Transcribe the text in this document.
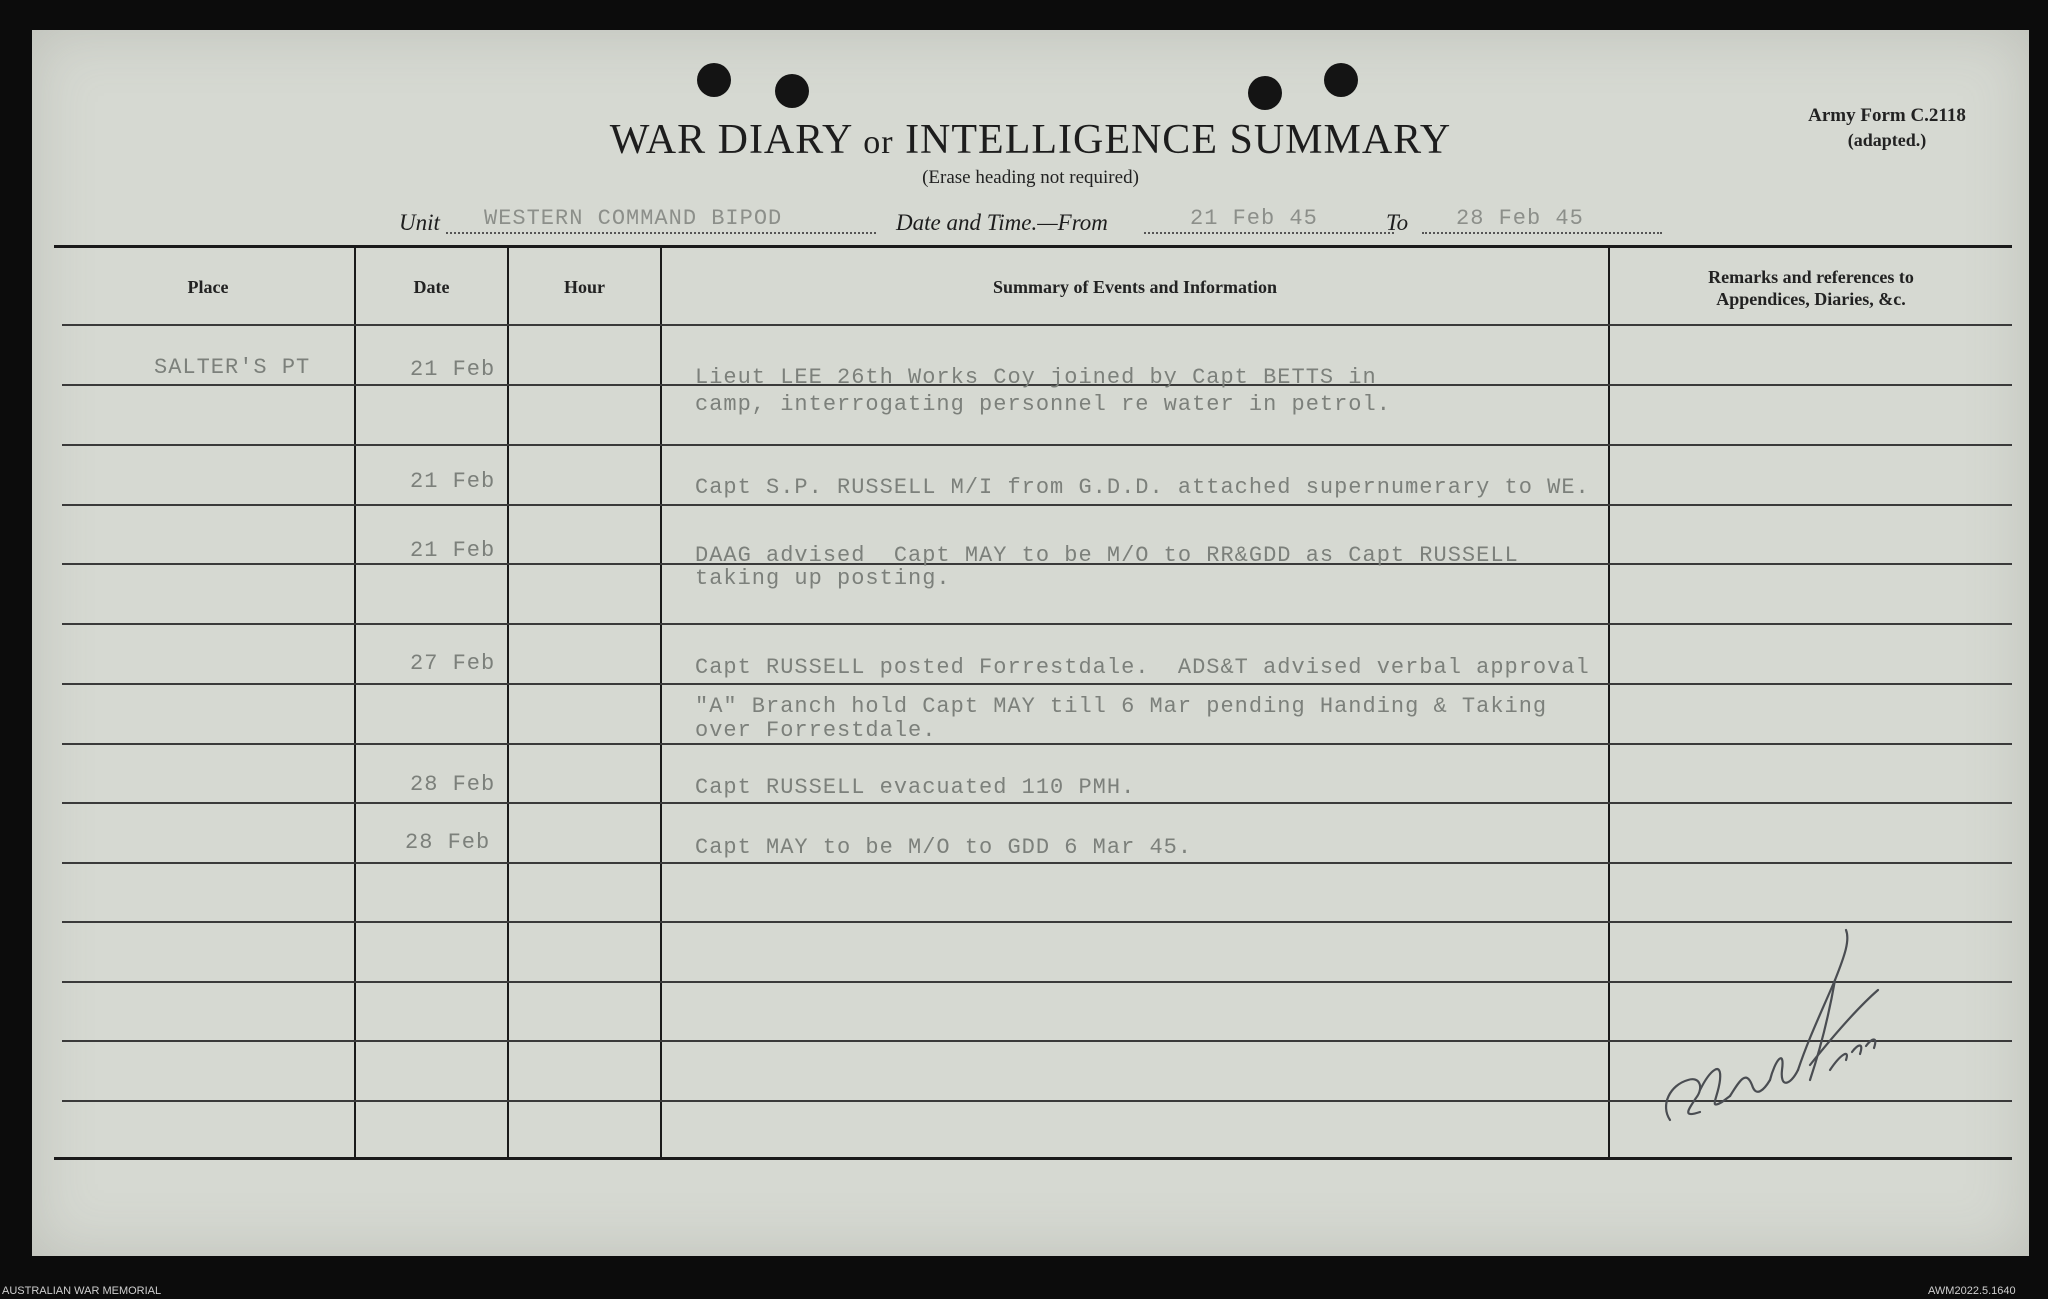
WAR DIARY or INTELLIGENCE SUMMARY
(Erase heading not required)
Army Form C.2118
(adapted.)
Unit WESTERN COMMAND BIPOD	Date and Time.—From	21 Feb 45	To 28 Feb 45
Place	Date	Hour	Summary of Events and Information	Remarks and references to
Appendices, Diaries, &c.
SALTER'S PT	21 Feb	Lieut LEE 26th Works Coy joined by Capt BETTS in
camp, interrogating personnel re water in petrol.
21 Feb	Capt S.P. RUSSELL M/I from G.D.D. attached supernumerary to WE.
21 Feb	DAAG advised  Capt MAY to be M/O to RR&GDD as Capt RUSSELL
taking up posting.
27 Feb	Capt RUSSELL posted Forrestdale.  ADS&T advised verbal approval
"A" Branch hold Capt MAY till 6 Mar pending Handing & Taking
over Forrestdale.
28 Feb	Capt RUSSELL evacuated 110 PMH.
28 Feb	Capt MAY to be M/O to GDD 6 Mar 45.
AUSTRALIAN WAR MEMORIAL	AWM2022.5.1640
